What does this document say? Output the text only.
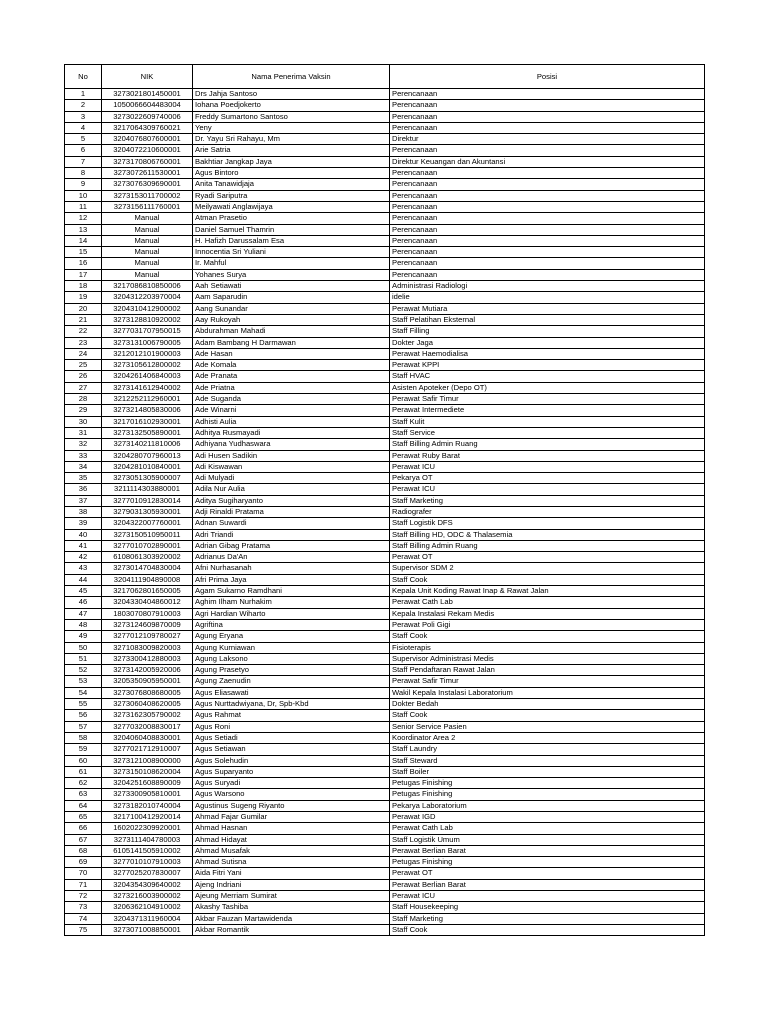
No	NIK	Nama Penerima Vaksin	Posisi
1	3273021801450001	Drs Jahja Santoso	Perencanaan
2	1050066604483004	Iohana Poedjokerto	Perencanaan
3	3273022609740006	Freddy Sumartono Santoso	Perencanaan
4	3217064309760021	Yeny	Perencanaan
5	3204076807600001	Dr. Yayu Sri Rahayu, Mm	Direktur
6	3204072210600001	Arie Satria	Perencanaan
7	3273170806760001	Bakhtiar Jangkap Jaya	Direktur Keuangan dan Akuntansi
8	3273072611530001	Agus Bintoro	Perencanaan
9	3273076309690001	Anita Tanawidjaja	Perencanaan
10	3273153011700002	Ryadi Sariputra	Perencanaan
11	3273156111760001	Meilyawati Anglawijaya	Perencanaan
12	Manual	Atman Prasetio	Perencanaan
13	Manual	Daniel Samuel Thamrin	Perencanaan
14	Manual	H. Hafizh Darussalam Esa	Perencanaan
15	Manual	Innocentia Sri Yuliani	Perencanaan
16	Manual	Ir. Mahful	Perencanaan
17	Manual	Yohanes Surya	Perencanaan
18	3217086810850006	Aah Setiawati	Administrasi Radiologi
19	3204312203970004	Aam Saparudin	idelie
20	3204310412900002	Aang Sunandar	Perawat Mutiara
21	3273128810920002	Aay Rukoyah	Staff Pelatihan Eksternal
22	3277031707950015	Abdurahman Mahadi	Staff Filling
23	3273131006790005	Adam Bambang H Darmawan	Dokter Jaga
24	3212012101900003	Ade Hasan	Perawat Haemodialisa
25	3273105612800002	Ade Komala	Perawat KPPI
26	3204261406840003	Ade Pranata	Staff HVAC
27	3273141612940002	Ade Priatna	Asisten Apoteker (Depo OT)
28	3212252112960001	Ade Suganda	Perawat Safir Timur
29	3273214805830006	Ade Winarni	Perawat Intermediete
30	3217016102930001	Adhisti Aulia	Staff Kulit
31	3273132505890001	Adhitya Rusmayadi	Staff Service
32	3273140211810006	Adhiyana Yudhaswara	Staff Billing Admin Ruang
33	3204280707960013	Adi Husen Sadikin	Perawat Ruby Barat
34	3204281010840001	Adi Kiswawan	Perawat ICU
35	3273051305900007	Adi Mulyadi	Pekarya OT
36	3211114303880001	Adila Nur Aulia	Perawat ICU
37	3277010912830014	Aditya Sugiharyanto	Staff Marketing
38	3279031305930001	Adji Rinaldi Pratama	Radiografer
39	3204322007760001	Adnan Suwardi	Staff Logistik DFS
40	3273150510950011	Adri Triandi	Staff Billing HD, ODC & Thalasemia
41	3277010702890001	Adrian Gibag Pratama	Staff Billing Admin Ruang
42	6108061303920002	Adrianus Da'An	Perawat OT
43	3273014704830004	Afni Nurhasanah	Supervisor SDM 2
44	3204111904890008	Afri Prima Jaya	Staff Cook
45	3217062801650005	Agam Sukarno Ramdhani	Kepala Unit Koding Rawat Inap & Rawat Jalan
46	3204330404860012	Aghim Ilham Nurhakim	Perawat Cath Lab
47	1803070807910003	Agri Hardian Wiharto	Kepala Instalasi Rekam Medis
48	3273124609870009	Agriftina	Perawat Poli Gigi
49	3277012109780027	Agung Eryana	Staff Cook
50	3271083009820003	Agung Kurniawan	Fisioterapis
51	3273300412880003	Agung Laksono	Supervisor Administrasi Medis
52	3273142005920006	Agung Prasetyo	Staff Pendaftaran Rawat Jalan
53	3205350905950001	Agung Zaenudin	Perawat Safir Timur
54	3273076808680005	Agus Eliasawati	Wakil Kepala Instalasi Laboratorium
55	3273060408620005	Agus Nurttadwiyana, Dr, Spb-Kbd	Dokter Bedah
56	3273162305790002	Agus Rahmat	Staff Cook
57	3277032008830017	Agus Roni	Senior Service Pasien
58	3204060408830001	Agus Setiadi	Koordinator Area 2
59	3277021712910007	Agus Setiawan	Staff Laundry
60	3273121008900000	Agus Solehudin	Staff Steward
61	3273150108620004	Agus Suparyanto	Staff Boiler
62	3204251608890009	Agus Suryadi	Petugas Finishing
63	3273300905810001	Agus Warsono	Petugas Finishing
64	3273182010740004	Agustinus Sugeng Riyanto	Pekarya Laboratorium
65	3217100412920014	Ahmad Fajar Gumilar	Perawat IGD
66	1602022309920001	Ahmad Hasnan	Perawat Cath Lab
67	3273111404780003	Ahmad Hidayat	Staff Logistik Umum
68	6105141505910002	Ahmad Musafak	Perawat Berlian Barat
69	3277010107910003	Ahmad Sutisna	Petugas Finishing
70	3277025207830007	Aida Fitri Yani	Perawat OT
71	3204354309640002	Ajeng Indriani	Perawat Berlian Barat
72	3273216003900002	Ajeung Merriam Sumirat	Perawat ICU
73	3206362104910002	Akashy Tashiba	Staff Housekeeping
74	3204371311960004	Akbar Fauzan Martawidenda	Staff Marketing
75	3273071008850001	Akbar Romantik	Staff Cook
